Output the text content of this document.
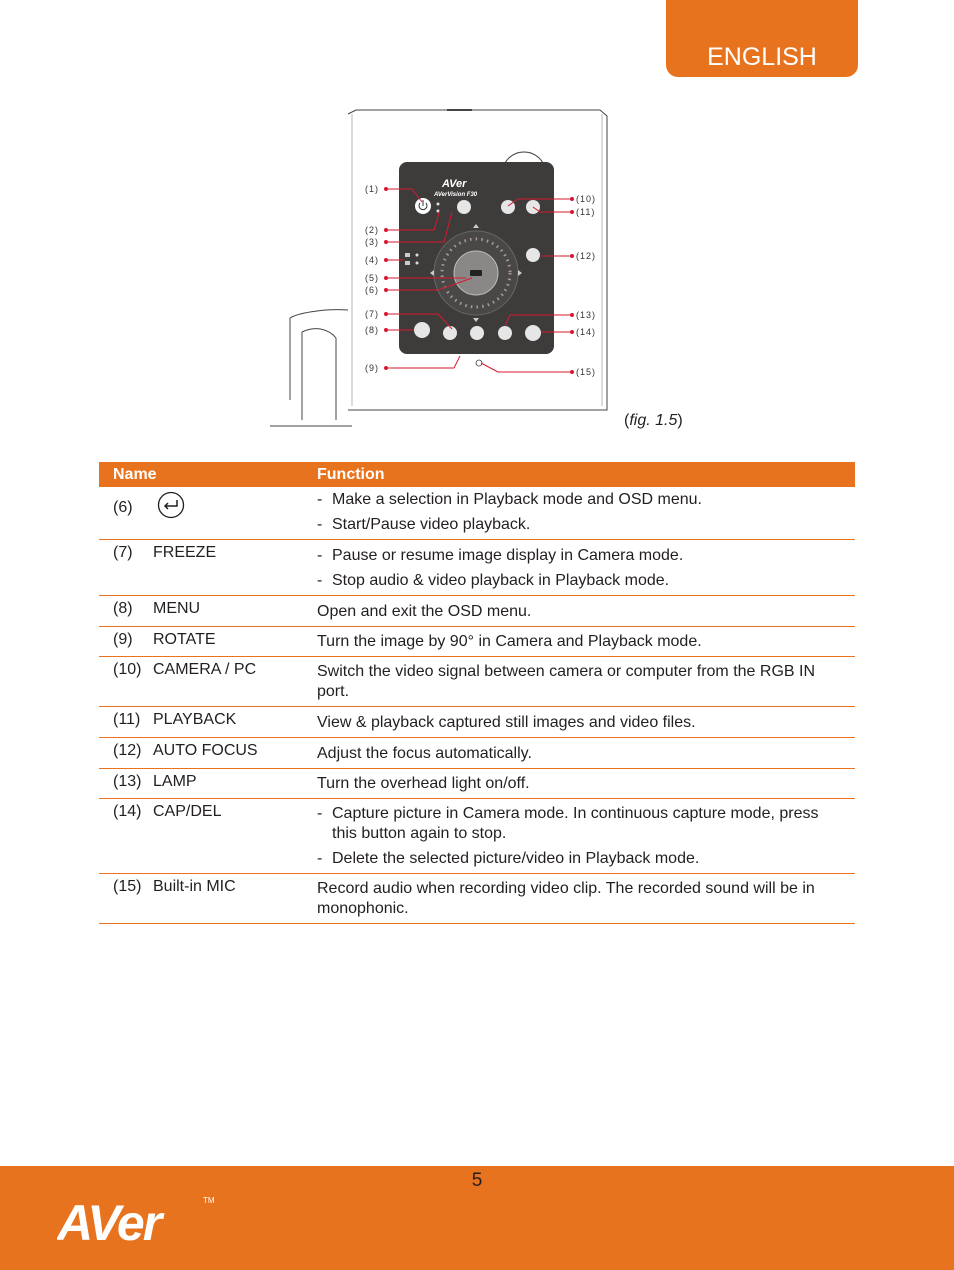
ENGLISH
AVer
AVerVision F30
(1)
(2)
(3)
(4)
(5)
(6)
(7)
(8)
(9)
(10)
(11)
(12)
(13)
(14)
(15)
(fig. 1.5)
Name	Function
(6)	- Make a selection in Playback mode and OSD menu.
- Start/Pause video playback.

(7) FREEZE	- Pause or resume image display in Camera mode.
- Stop audio & video playback in Playback mode.

(8) MENU	Open and exit the OSD menu.
(9) ROTATE	Turn the image by 90° in Camera and Playback mode.
(10) CAMERA / PC	Switch the video signal between camera or computer from the RGB IN port.
(11) PLAYBACK	View & playback captured still images and video files.
(12) AUTO FOCUS	Adjust the focus automatically.
(13) LAMP	Turn the overhead light on/off.
(14) CAP/DEL	- Capture picture in Camera mode. In continuous capture mode, press this button again to stop.
- Delete the selected picture/video in Playback mode.

(15) Built-in MIC	Record audio when recording video clip. The recorded sound will be in monophonic.
5
AVer	TM
